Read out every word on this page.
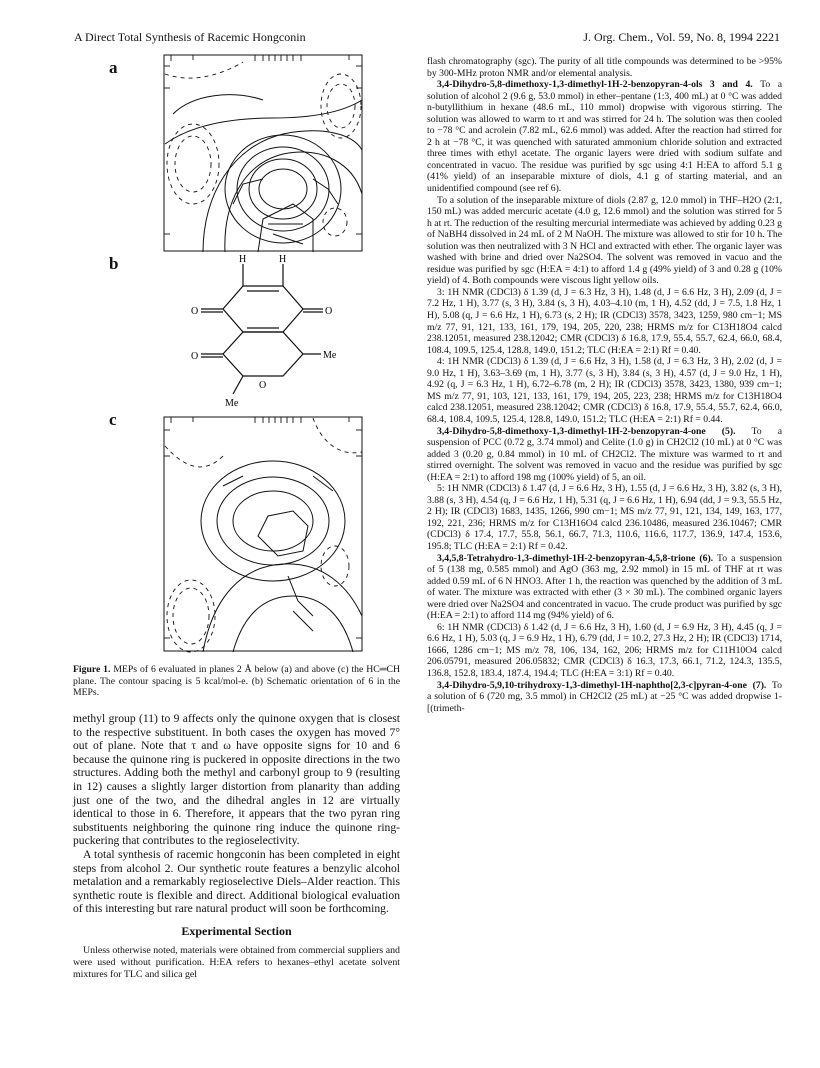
A Direct Total Synthesis of Racemic Hongconin	J. Org. Chem., Vol. 59, No. 8, 1994 2221
a
b
c
H	H
O	O
O
O
Me
Me
Figure 1. MEPs of 6 evaluated in planes 2 Å below (a) and above (c) the HC═CH plane. The contour spacing is 5 kcal/mol-e. (b) Schematic orientation of 6 in the MEPs.

methyl group (11) to 9 affects only the quinone oxygen that is closest to the respective substituent. In both cases the oxygen has moved 7° out of plane. Note that τ and ω have opposite signs for 10 and 6 because the quinone ring is puckered in opposite directions in the two structures. Adding both the methyl and carbonyl group to 9 (resulting in 12) causes a slightly larger distortion from planarity than adding just one of the two, and the dihedral angles in 12 are virtually identical to those in 6. Therefore, it appears that the two pyran ring substituents neighboring the quinone ring induce the quinone ring-puckering that contributes to the regioselectivity.

A total synthesis of racemic hongconin has been completed in eight steps from alcohol 2. Our synthetic route features a benzylic alcohol metalation and a remarkably regioselective Diels–Alder reaction. This synthetic route is flexible and direct. Additional biological evaluation of this interesting but rare natural product will soon be forthcoming.

Experimental Section

Unless otherwise noted, materials were obtained from commercial suppliers and were used without purification. H:EA refers to hexanes–ethyl acetate solvent mixtures for TLC and silica gel

flash chromatography (sgc). The purity of all title compounds was determined to be >95% by 300-MHz proton NMR and/or elemental analysis.

3,4-Dihydro-5,8-dimethoxy-1,3-dimethyl-1H-2-benzopyran-4-ols 3 and 4. To a solution of alcohol 2 (9.6 g, 53.0 mmol) in ether–pentane (1:3, 400 mL) at 0 °C was added n-butyllithium in hexane (48.6 mL, 110 mmol) dropwise with vigorous stirring. The solution was allowed to warm to rt and was stirred for 24 h. The solution was then cooled to −78 °C and acrolein (7.82 mL, 62.6 mmol) was added. After the reaction had stirred for 2 h at −78 °C, it was quenched with saturated ammonium chloride solution and extracted three times with ethyl acetate. The organic layers were dried with sodium sulfate and concentrated in vacuo. The residue was purified by sgc using 4:1 H:EA to afford 5.1 g (41% yield) of an inseparable mixture of diols, 4.1 g of starting material, and an unidentified compound (see ref 6).

To a solution of the inseparable mixture of diols (2.87 g, 12.0 mmol) in THF–H2O (2:1, 150 mL) was added mercuric acetate (4.0 g, 12.6 mmol) and the solution was stirred for 5 h at rt. The reduction of the resulting mercurial intermediate was achieved by adding 0.23 g of NaBH4 dissolved in 24 mL of 2 M NaOH. The mixture was allowed to stir for 10 h. The solution was then neutralized with 3 N HCl and extracted with ether. The organic layer was washed with brine and dried over Na2SO4. The solvent was removed in vacuo and the residue was purified by sgc (H:EA = 4:1) to afford 1.4 g (49% yield) of 3 and 0.28 g (10% yield) of 4. Both compounds were viscous light yellow oils.

3: 1H NMR (CDCl3) δ 1.39 (d, J = 6.3 Hz, 3 H), 1.48 (d, J = 6.6 Hz, 3 H), 2.09 (d, J = 7.2 Hz, 1 H), 3.77 (s, 3 H), 3.84 (s, 3 H), 4.03–4.10 (m, 1 H), 4.52 (dd, J = 7.5, 1.8 Hz, 1 H), 5.08 (q, J = 6.6 Hz, 1 H), 6.73 (s, 2 H); IR (CDCl3) 3578, 3423, 1259, 980 cm−1; MS m/z 77, 91, 121, 133, 161, 179, 194, 205, 220, 238; HRMS m/z for C13H18O4 calcd 238.12051, measured 238.12042; CMR (CDCl3) δ 16.8, 17.9, 55.4, 55.7, 62.4, 66.0, 68.4, 108.4, 109.5, 125.4, 128.8, 149.0, 151.2; TLC (H:EA = 2:1) Rf = 0.40.

4: 1H NMR (CDCl3) δ 1.39 (d, J = 6.6 Hz, 3 H), 1.58 (d, J = 6.3 Hz, 3 H), 2.02 (d, J = 9.0 Hz, 1 H), 3.63–3.69 (m, 1 H), 3.77 (s, 3 H), 3.84 (s, 3 H), 4.57 (d, J = 9.0 Hz, 1 H), 4.92 (q, J = 6.3 Hz, 1 H), 6.72–6.78 (m, 2 H); IR (CDCl3) 3578, 3423, 1380, 939 cm−1; MS m/z 77, 91, 103, 121, 133, 161, 179, 194, 205, 223, 238; HRMS m/z for C13H18O4 calcd 238.12051, measured 238.12042; CMR (CDCl3) δ 16.8, 17.9, 55.4, 55.7, 62.4, 66.0, 68.4, 108.4, 109.5, 125.4, 128.8, 149.0, 151.2; TLC (H:EA = 2:1) Rf = 0.44.

3,4-Dihydro-5,8-dimethoxy-1,3-dimethyl-1H-2-benzopyran-4-one (5). To a suspension of PCC (0.72 g, 3.74 mmol) and Celite (1.0 g) in CH2Cl2 (10 mL) at 0 °C was added 3 (0.20 g, 0.84 mmol) in 10 mL of CH2Cl2. The mixture was warmed to rt and stirred overnight. The solvent was removed in vacuo and the residue was purified by sgc (H:EA = 2:1) to afford 198 mg (100% yield) of 5, an oil.

5: 1H NMR (CDCl3) δ 1.47 (d, J = 6.6 Hz, 3 H), 1.55 (d, J = 6.6 Hz, 3 H), 3.82 (s, 3 H), 3.88 (s, 3 H), 4.54 (q, J = 6.6 Hz, 1 H), 5.31 (q, J = 6.6 Hz, 1 H), 6.94 (dd, J = 9.3, 55.5 Hz, 2 H); IR (CDCl3) 1683, 1435, 1266, 990 cm−1; MS m/z 77, 91, 121, 134, 149, 163, 177, 192, 221, 236; HRMS m/z for C13H16O4 calcd 236.10486, measured 236.10467; CMR (CDCl3) δ 17.4, 17.7, 55.8, 56.1, 66.7, 71.3, 110.6, 116.6, 117.7, 136.9, 147.4, 153.6, 195.8; TLC (H:EA = 2:1) Rf = 0.42.

3,4,5,8-Tetrahydro-1,3-dimethyl-1H-2-benzopyran-4,5,8-trione (6). To a suspension of 5 (138 mg, 0.585 mmol) and AgO (363 mg, 2.92 mmol) in 15 mL of THF at rt was added 0.59 mL of 6 N HNO3. After 1 h, the reaction was quenched by the addition of 3 mL of water. The mixture was extracted with ether (3 × 30 mL). The combined organic layers were dried over Na2SO4 and concentrated in vacuo. The crude product was purified by sgc (H:EA = 2:1) to afford 114 mg (94% yield) of 6.

6: 1H NMR (CDCl3) δ 1.42 (d, J = 6.6 Hz, 3 H), 1.60 (d, J = 6.9 Hz, 3 H), 4.45 (q, J = 6.6 Hz, 1 H), 5.03 (q, J = 6.9 Hz, 1 H), 6.79 (dd, J = 10.2, 27.3 Hz, 2 H); IR (CDCl3) 1714, 1666, 1286 cm−1; MS m/z 78, 106, 134, 162, 206; HRMS m/z for C11H10O4 calcd 206.05791, measured 206.05832; CMR (CDCl3) δ 16.3, 17.3, 66.1, 71.2, 124.3, 135.5, 136.8, 152.8, 183.4, 187.4, 194.4; TLC (H:EA = 3:1) Rf = 0.40.

3,4-Dihydro-5,9,10-trihydroxy-1,3-dimethyl-1H-naphtho[2,3-c]pyran-4-one (7). To a solution of 6 (720 mg, 3.5 mmol) in CH2Cl2 (25 mL) at −25 °C was added dropwise 1-[(trimeth-
